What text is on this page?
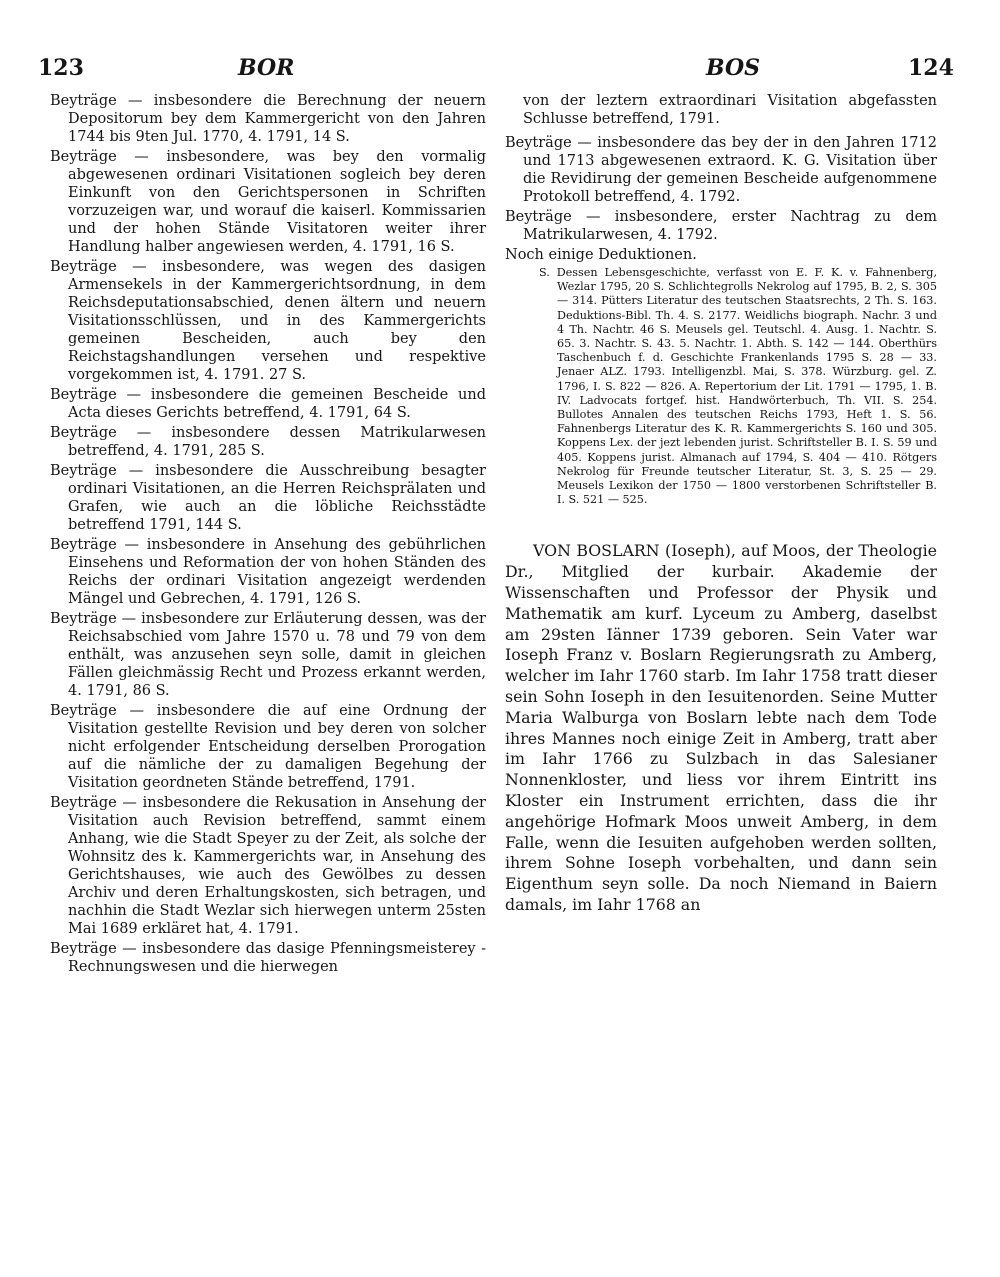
123	BOR	BOS	124

Beyträge — insbesondere die Berechnung der neuern Depositorum bey dem Kammergericht von den Jahren 1744 bis 9ten Jul. 1770, 4. 1791, 14 S.

Beyträge — insbesondere, was bey den vormalig abgewesenen ordinari Visitationen sogleich bey deren Einkunft von den Gerichtspersonen in Schriften vorzuzeigen war, und worauf die kaiserl. Kommissarien und der hohen Stände Visitatoren weiter ihrer Handlung halber angewiesen werden, 4. 1791, 16 S.

Beyträge — insbesondere, was wegen des dasigen Armensekels in der Kammergerichtsordnung, in dem Reichsdeputationsabschied, denen ältern und neuern Visitationsschlüssen, und in des Kammergerichts gemeinen Bescheiden, auch bey den Reichstagshandlungen versehen und respektive vorgekommen ist, 4. 1791. 27 S.

Beyträge — insbesondere die gemeinen Bescheide und Acta dieses Gerichts betreffend, 4. 1791, 64 S.

Beyträge — insbesondere dessen Matrikularwesen betreffend, 4. 1791, 285 S.

Beyträge — insbesondere die Ausschreibung besagter ordinari Visitationen, an die Herren Reichsprälaten und Grafen, wie auch an die löbliche Reichsstädte betreffend 1791, 144 S.

Beyträge — insbesondere in Ansehung des gebührlichen Einsehens und Reformation der von hohen Ständen des Reichs der ordinari Visitation angezeigt werdenden Mängel und Gebrechen, 4. 1791, 126 S.

Beyträge — insbesondere zur Erläuterung dessen, was der Reichsabschied vom Jahre 1570 u. 78 und 79 von dem enthält, was anzusehen seyn solle, damit in gleichen Fällen gleichmässig Recht und Prozess erkannt werden, 4. 1791, 86 S.

Beyträge — insbesondere die auf eine Ordnung der Visitation gestellte Revision und bey deren von solcher nicht erfolgender Entscheidung derselben Prorogation auf die nämliche der zu damaligen Begehung der Visitation geordneten Stände betreffend, 1791.

Beyträge — insbesondere die Rekusation in Ansehung der Visitation auch Revision betreffend, sammt einem Anhang, wie die Stadt Speyer zu der Zeit, als solche der Wohnsitz des k. Kammergerichts war, in Ansehung des Gerichtshauses, wie auch des Gewölbes zu dessen Archiv und deren Erhaltungskosten, sich betragen, und nachhin die Stadt Wezlar sich hierwegen unterm 25sten Mai 1689 erkläret hat, 4. 1791.

Beyträge — insbesondere das dasige Pfenningsmeisterey - Rechnungswesen und die hierwegen

von der leztern extraordinari Visitation abgefassten Schlusse betreffend, 1791.

Beyträge — insbesondere das bey der in den Jahren 1712 und 1713 abgewesenen extraord. K. G. Visitation über die Revidirung der gemeinen Bescheide aufgenommene Protokoll betreffend, 4. 1792.

Beyträge — insbesondere, erster Nachtrag zu dem Matrikularwesen, 4. 1792.

Noch einige Deduktionen.

S. Dessen Lebensgeschichte, verfasst von E. F. K. v. Fahnenberg, Wezlar 1795, 20 S. Schlichtegrolls Nekrolog auf 1795, B. 2, S. 305 — 314. Pütters Literatur des teutschen Staatsrechts, 2 Th. S. 163. Deduktions-Bibl. Th. 4. S. 2177. Weidlichs biograph. Nachr. 3 und 4 Th. Nachtr. 46 S. Meusels gel. Teutschl. 4. Ausg. 1. Nachtr. S. 65. 3. Nachtr. S. 43. 5. Nachtr. 1. Abth. S. 142 — 144. Oberthürs Taschenbuch f. d. Geschichte Frankenlands 1795 S. 28 — 33. Jenaer ALZ. 1793. Intelligenzbl. Mai, S. 378. Würzburg. gel. Z. 1796, I. S. 822 — 826. A. Repertorium der Lit. 1791 — 1795, 1. B. IV. Ladvocats fortgef. hist. Handwörterbuch, Th. VII. S. 254. Bullotes Annalen des teutschen Reichs 1793, Heft 1. S. 56. Fahnenbergs Literatur des K. R. Kammergerichts S. 160 und 305. Koppens Lex. der jezt lebenden jurist. Schriftsteller B. I. S. 59 und 405. Koppens jurist. Almanach auf 1794, S. 404 — 410. Rötgers Nekrolog für Freunde teutscher Literatur, St. 3, S. 25 — 29. Meusels Lexikon der 1750 — 1800 verstorbenen Schriftsteller B. I. S. 521 — 525.

VON BOSLARN (Ioseph), auf Moos, der Theologie Dr., Mitglied der kurbair. Akademie der Wissenschaften und Professor der Physik und Mathematik am kurf. Lyceum zu Amberg, daselbst am 29sten Iänner 1739 geboren. Sein Vater war Ioseph Franz v. Boslarn Regierungsrath zu Amberg, welcher im Iahr 1760 starb. Im Iahr 1758 tratt dieser sein Sohn Ioseph in den Iesuitenorden. Seine Mutter Maria Walburga von Boslarn lebte nach dem Tode ihres Mannes noch einige Zeit in Amberg, tratt aber im Iahr 1766 zu Sulzbach in das Salesianer Nonnenkloster, und liess vor ihrem Eintritt ins Kloster ein Instrument errichten, dass die ihr angehörige Hofmark Moos unweit Amberg, in dem Falle, wenn die Iesuiten aufgehoben werden sollten, ihrem Sohne Ioseph vorbehalten, und dann sein Eigenthum seyn solle. Da noch Niemand in Baiern damals, im Iahr 1768 an
